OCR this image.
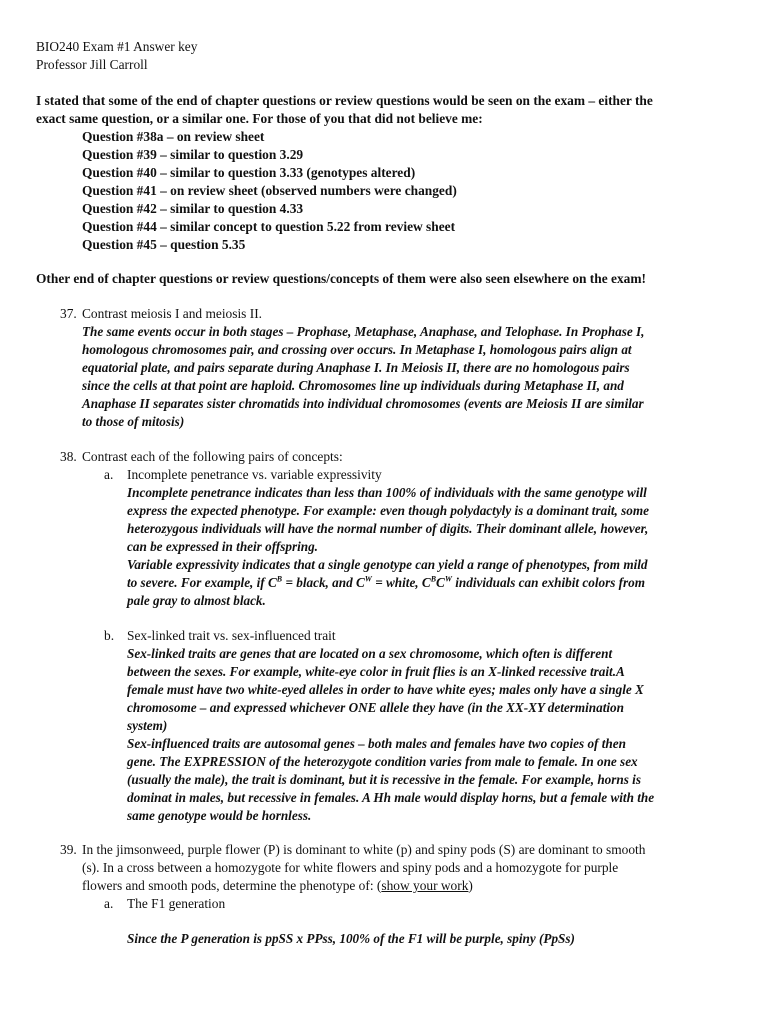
BIO240 Exam #1 Answer key
Professor Jill Carroll
I stated that some of the end of chapter questions or review questions would be seen on the exam – either the
exact same question, or a similar one. For those of you that did not believe me:
Question #38a – on review sheet
Question #39 – similar to question 3.29
Question #40 – similar to question 3.33 (genotypes altered)
Question #41 – on review sheet (observed numbers were changed)
Question #42 – similar to question 4.33
Question #44 – similar concept to question 5.22 from review sheet
Question #45 – question 5.35
Other end of chapter questions or review questions/concepts of them were also seen elsewhere on the exam!
37. Contrast meiosis I and meiosis II.
The same events occur in both stages – Prophase, Metaphase, Anaphase, and Telophase. In Prophase I,
homologous chromosomes pair, and crossing over occurs. In Metaphase I, homologous pairs align at
equatorial plate, and pairs separate during Anaphase I. In Meiosis II, there are no homologous pairs
since the cells at that point are haploid. Chromosomes line up individuals during Metaphase II, and
Anaphase II separates sister chromatids into individual chromosomes (events are Meiosis II are similar
to those of mitosis)
38. Contrast each of the following pairs of concepts:
a. Incomplete penetrance vs. variable expressivity
Incomplete penetrance indicates than less than 100% of individuals with the same genotype will
express the expected phenotype. For example: even though polydactyly is a dominant trait, some
heterozygous individuals will have the normal number of digits. Their dominant allele, however,
can be expressed in their offspring.
Variable expressivity indicates that a single genotype can yield a range of phenotypes, from mild
to severe. For example, if $C^B$ = black, and $C^W$ = white, $C^BC^W$ individuals can exhibit colors from
pale gray to almost black.
b. Sex-linked trait vs. sex-influenced trait
Sex-linked traits are genes that are located on a sex chromosome, which often is different
between the sexes. For example, white-eye color in fruit flies is an X-linked recessive trait.A
female must have two white-eyed alleles in order to have white eyes; males only have a single X
chromosome – and expressed whichever ONE allele they have (in the XX-XY determination
system)
Sex-influenced traits are autosomal genes – both males and females have two copies of then
gene. The EXPRESSION of the heterozygote condition varies from male to female. In one sex
(usually the male), the trait is dominant, but it is recessive in the female. For example, horns is
dominat in males, but recessive in females. A Hh male would display horns, but a female with the
same genotype would be hornless.
39. In the jimsonweed, purple flower (P) is dominant to white (p) and spiny pods (S) are dominant to smooth
(s). In a cross between a homozygote for white flowers and spiny pods and a homozygote for purple
flowers and smooth pods, determine the phenotype of: (show your work)
a. The F1 generation
Since the P generation is ppSS x PPss, 100% of the F1 will be purple, spiny (PpSs)
